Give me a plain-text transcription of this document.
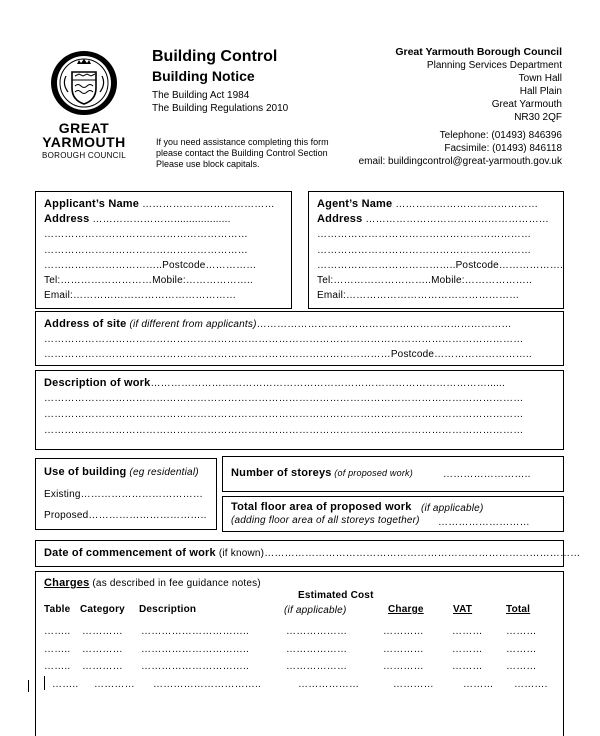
GREAT
YARMOUTH
BOROUGH COUNCIL
Building Control
Building Notice
The Building Act 1984
The Building Regulations 2010
If you need assistance completing this form
please contact the Building Control Section
Please use block capitals.
Great Yarmouth Borough Council
Planning Services Department
Town Hall
Hall Plain
Great Yarmouth
NR30 2QF
Telephone: (01493) 846396
Facsimile: (01493) 846118
email: buildingcontrol@great-yarmouth.gov.uk
Applicant’s Name …………………………………
Address ……………………...................
……………………………………………………
……………………………………………………
……………………………..Postcode……………
Tel:………………………Mobile:………………..
Email:…………………………………………
Agent’s Name ……………………………………
Address ………………………………………………
………………………………………………………
………………………………………………………
…………………………………..Postcode……………….
Tel:………………………..Mobile:………………..
Email:……………………………………………
Address of site (if different from applicants)…………………………………………………………………
……………………………………………………………………………………………………………………………
…………………………………………………………………………………………Postcode………………………..
Description of work………………………………………………………………………………………......
……………………………………………………………………………………………………………………………
……………………………………………………………………………………………………………………………
……………………………………………………………………………………………………………………………
Use of building (eg residential)
Existing………………………………
Proposed……………………………..
Number of storeys (of proposed work)	……………………..
Total floor area of proposed work (if applicable)
(adding floor area of all storeys together) ………………………
Date of commencement of work (if known)…………………………………………………………………………………
Charges (as described in fee guidance notes)
Estimated Cost
(if applicable)
Table Category Description	Charge	VAT	Total
…….. ………… …………………………..	………………	…………	……… ………
…….. ………… …………………………..	………………	…………	……… ………
…….. ………… …………………………..	………………	…………	……… ………
…….. ………… …………………………..	………………	…………	……… ……….
